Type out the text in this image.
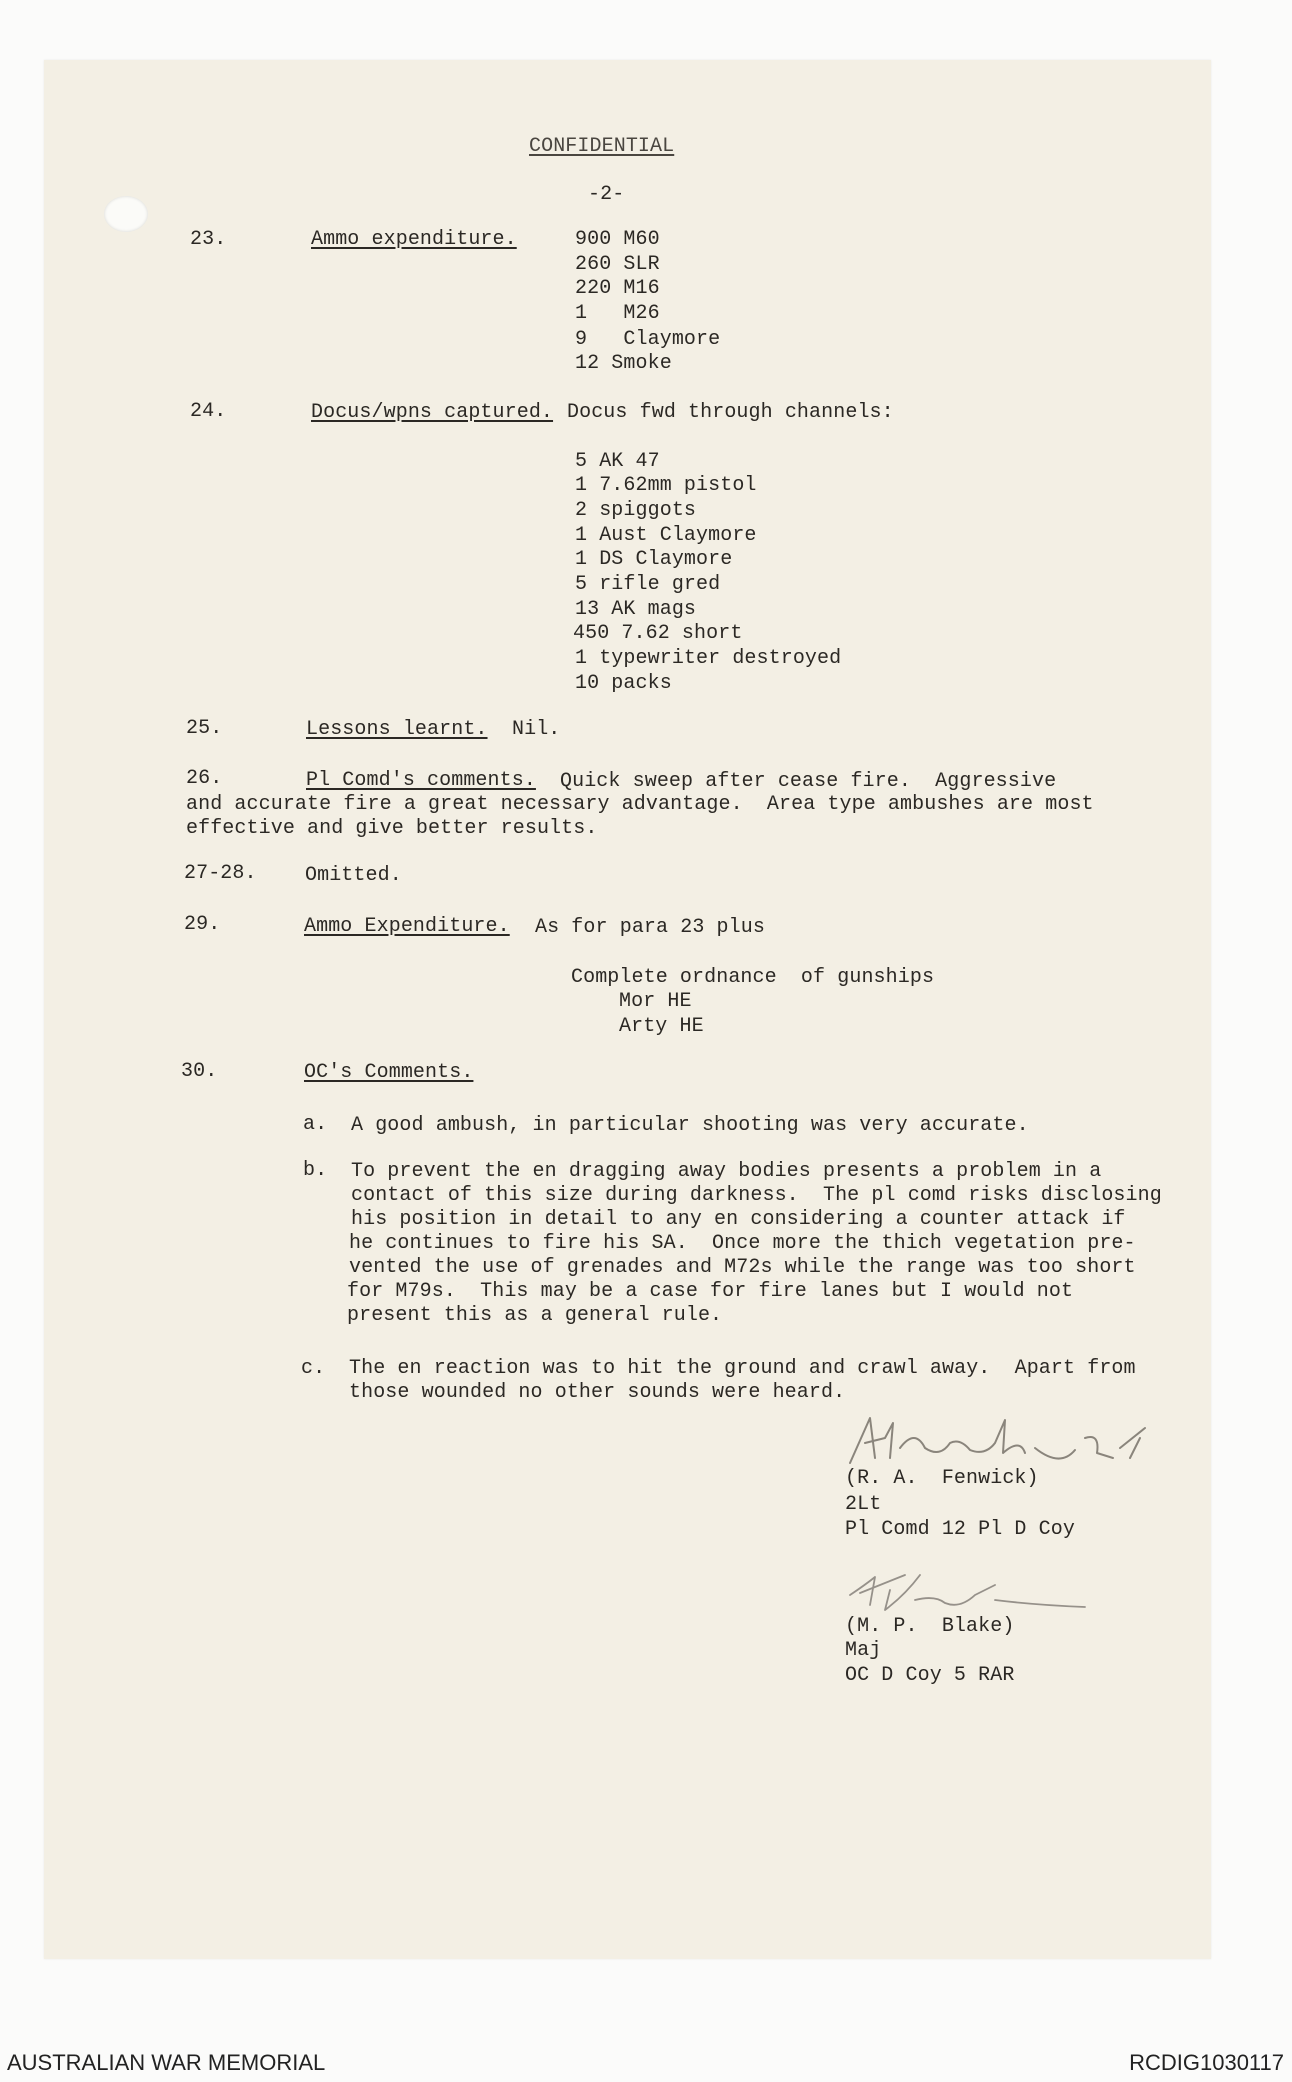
CONFIDENTIAL
-2-
23.	Ammo expenditure.	900 M60
260 SLR
220 M16
1   M26
9   Claymore
12 Smoke
24.	Docus/wpns captured. Docus fwd through channels:
5 AK 47
1 7.62mm pistol
2 spiggots
1 Aust Claymore
1 DS Claymore
5 rifle gred
13 AK mags
450 7.62 short
1 typewriter destroyed
10 packs
25.	Lessons learnt. Nil.
26.	Pl Comd's comments. Quick sweep after cease fire.  Aggressive
and accurate fire a great necessary advantage.  Area type ambushes are most
effective and give better results.
27-28. Omitted.
29.	Ammo Expenditure. As for para 23 plus
Complete ordnance  of gunships
Mor HE
Arty HE
30.	OC's Comments.
a. A good ambush, in particular shooting was very accurate.
b. To prevent the en dragging away bodies presents a problem in a
contact of this size during darkness.  The pl comd risks disclosing
his position in detail to any en considering a counter attack if
he continues to fire his SA.  Once more the thich vegetation pre-
vented the use of grenades and M72s while the range was too short
for M79s.  This may be a case for fire lanes but I would not
present this as a general rule.
c. The en reaction was to hit the ground and crawl away.  Apart from
those wounded no other sounds were heard.
(R. A.  Fenwick)
2Lt
Pl Comd 12 Pl D Coy
(M. P.  Blake)
Maj
OC D Coy 5 RAR
AUSTRALIAN WAR MEMORIAL	RCDIG1030117
